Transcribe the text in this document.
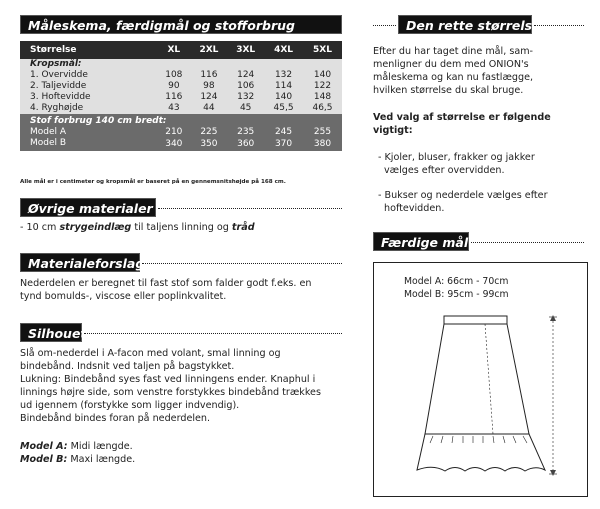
Måleskema, færdigmål og stofforbrug
Størrelse	XL	2XL	3XL	4XL	5XL
Kropsmål:					
1. Overvidde	108	116	124	132	140
2. Taljevidde	90	98	106	114	122
3. Hoftevidde	116	124	132	140	148
4. Ryghøjde	43	44	45	45,5	46,5
Stof forbrug 140 cm bredt:					
Model A	210	225	235	245	255
Model B	340	350	360	370	380
Alle mål er i centimeter og kropsmål er baseret på en gennemsnitshøjde på 168 cm.
Øvrige materialer
- 10 cm strygeindlæg til taljens linning og tråd
Materialeforslag
Nederdelen er beregnet til fast stof som falder godt f.eks. en
tynd bomulds-, viscose eller poplinkvalitet.
Silhouet
Slå om-nederdel i A-facon med volant, smal linning og
bindebånd. Indsnit ved taljen på bagstykket.
Lukning: Bindebånd syes fast ved linningens ender. Knaphul i
linnings højre side, som venstre forstykkes bindebånd trækkes
ud igennem (forstykke som ligger indvendig).
Bindebånd bindes foran på nederdelen.
Model A: Midi længde.
Model B: Maxi længde.
Den rette størrelse
Efter du har taget dine mål, sam-
menligner du dem med ONION's
måleskema og kan nu fastlægge,
hvilken størrelse du skal bruge.
Ved valg af størrelse er følgende
vigtigt:
- Kjoler, bluser, frakker og jakker
vælges efter overvidden.
- Bukser og nederdele vælges efter
hoftevidden.
Færdige mål
Model A: 66cm - 70cm
Model B: 95cm - 99cm
